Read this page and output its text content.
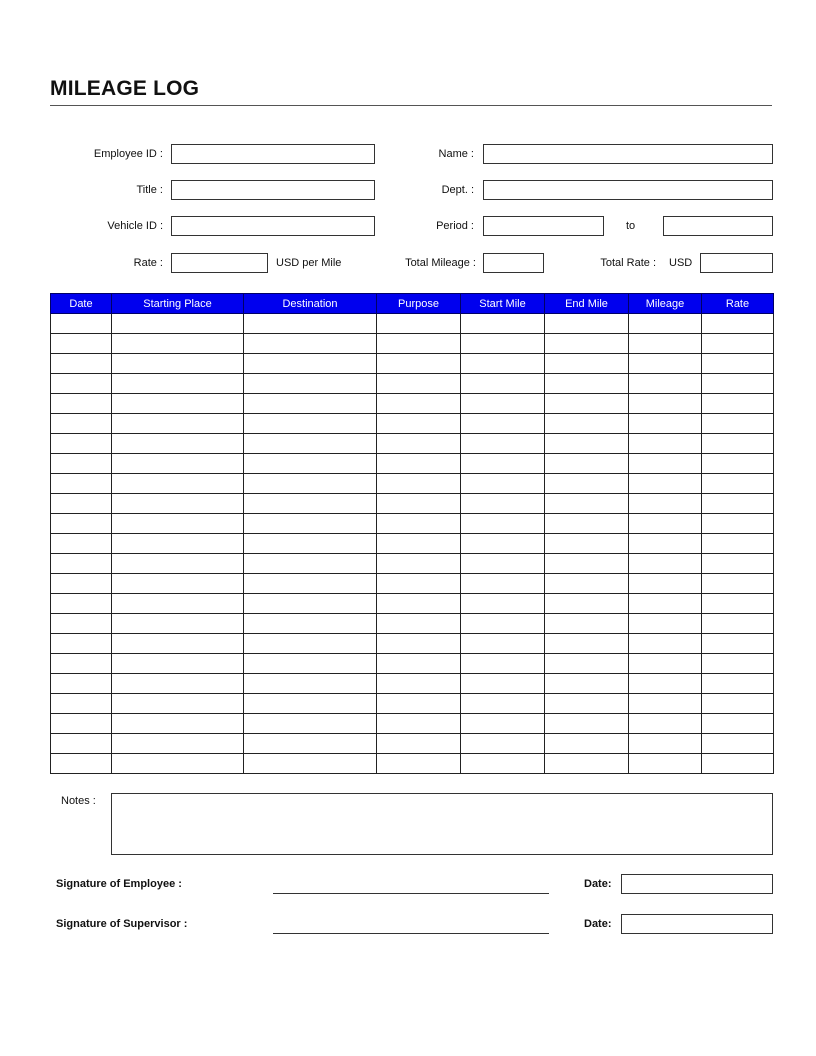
MILEAGE LOG
Employee ID :	Name :
Title :	Dept. :
Vehicle ID :	Period :	to
Rate :	USD per Mile	Total Mileage :	Total Rate : USD
Date	Starting Place	Destination	Purpose	Start Mile	End Mile	Mileage	Rate

Notes :
Signature of Employee :	Date:
Signature of Supervisor :	Date:
